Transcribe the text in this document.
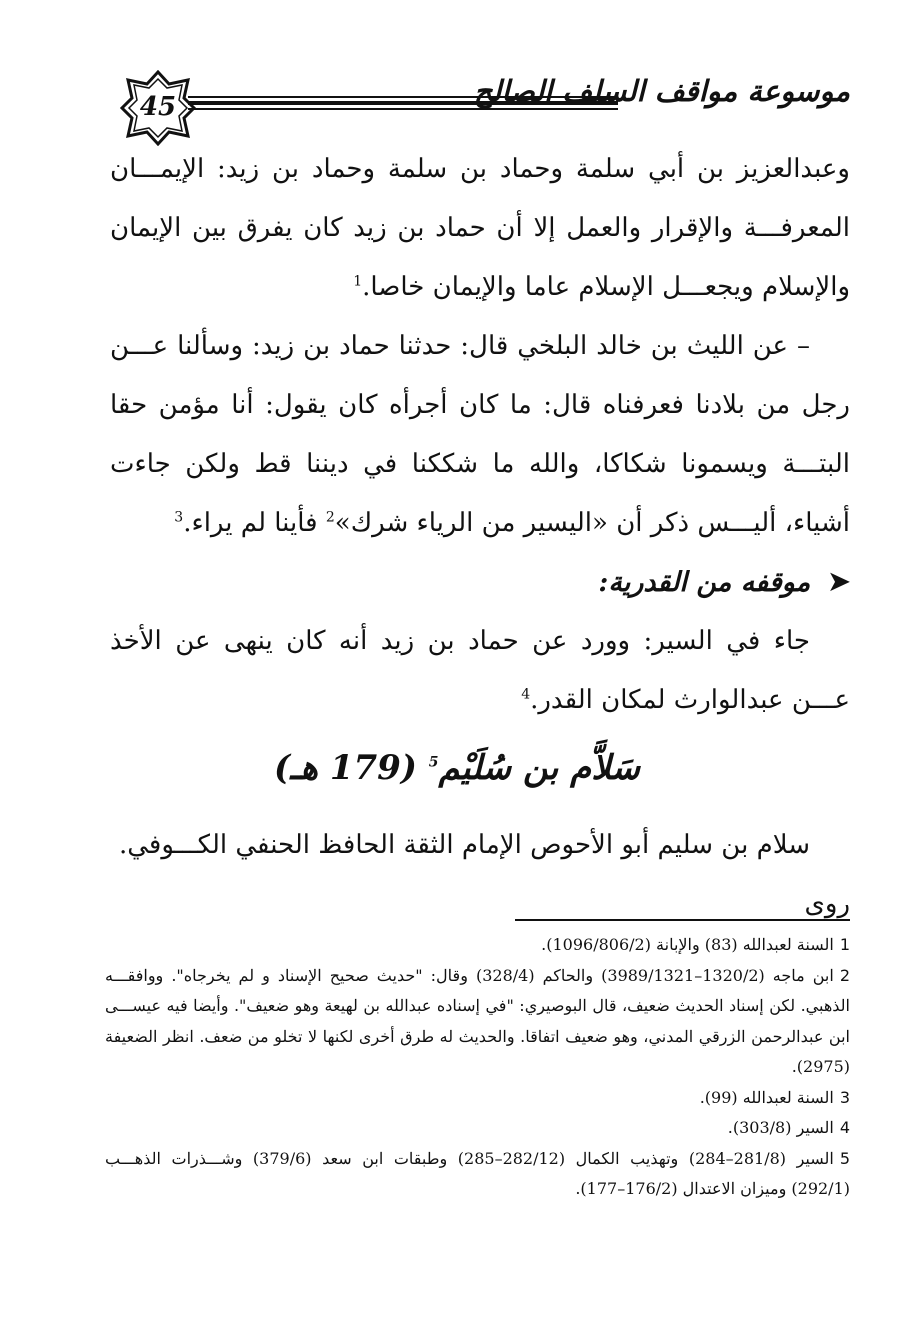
45	موسوعة مواقف السلف الصالح

وعبدالعزيز بن أبي سلمة وحماد بن سلمة وحماد بن زيد: الإيمـــان المعرفـــة والإقرار والعمل إلا أن حماد بن زيد كان يفرق بين الإيمان والإسلام ويجعـــل الإسلام عاما والإيمان خاصا.$^1$

– عن الليث بن خالد البلخي قال: حدثنا حماد بن زيد: وسألنا عـــن رجل من بلادنا فعرفناه قال: ما كان أجرأه كان يقول: أنا مؤمن حقا البتـــة ويسمونا شكاكا، والله ما شككنا في ديننا قط ولكن جاءت أشياء، أليـــس ذكر أن «اليسير من الرياء شرك»$^2$ فأينا لم يراء.$^3$

➤
موقفه من القدرية:

جاء في السير: وورد عن حماد بن زيد أنه كان ينهى عن الأخذ عـــن عبدالوارث لمكان القدر.$^4$

سَلاَّم بن سُلَيْم$^5$ (179 هـ)
سلام بن سليم أبو الأحوص الإمام الثقة الحافظ الحنفي الكـــوفي. روى

1السنة لعبدالله (83) والإبانة (1096/806/2).

2ابن ماجه (1320/2–3989/1321) والحاكم (328/4) وقال: "حديث صحيح الإسناد و لم يخرجاه". ووافقـــه الذهبي. لكن إسناد الحديث ضعيف، قال البوصيري: "في إسناده عبدالله بن لهيعة وهو ضعيف". وأيضا فيه عيســـى ابن عبدالرحمن الزرقي المدني، وهو ضعيف اتفاقا. والحديث له طرق أخرى لكنها لا تخلو من ضعف. انظر الضعيفة (2975).

3السنة لعبدالله (99).

4السير (303/8).

5السير (281/8–284) وتهذيب الكمال (282/12–285) وطبقات ابن سعد (379/6) وشـــذرات الذهـــب (292/1) وميزان الاعتدال (176/2–177).
